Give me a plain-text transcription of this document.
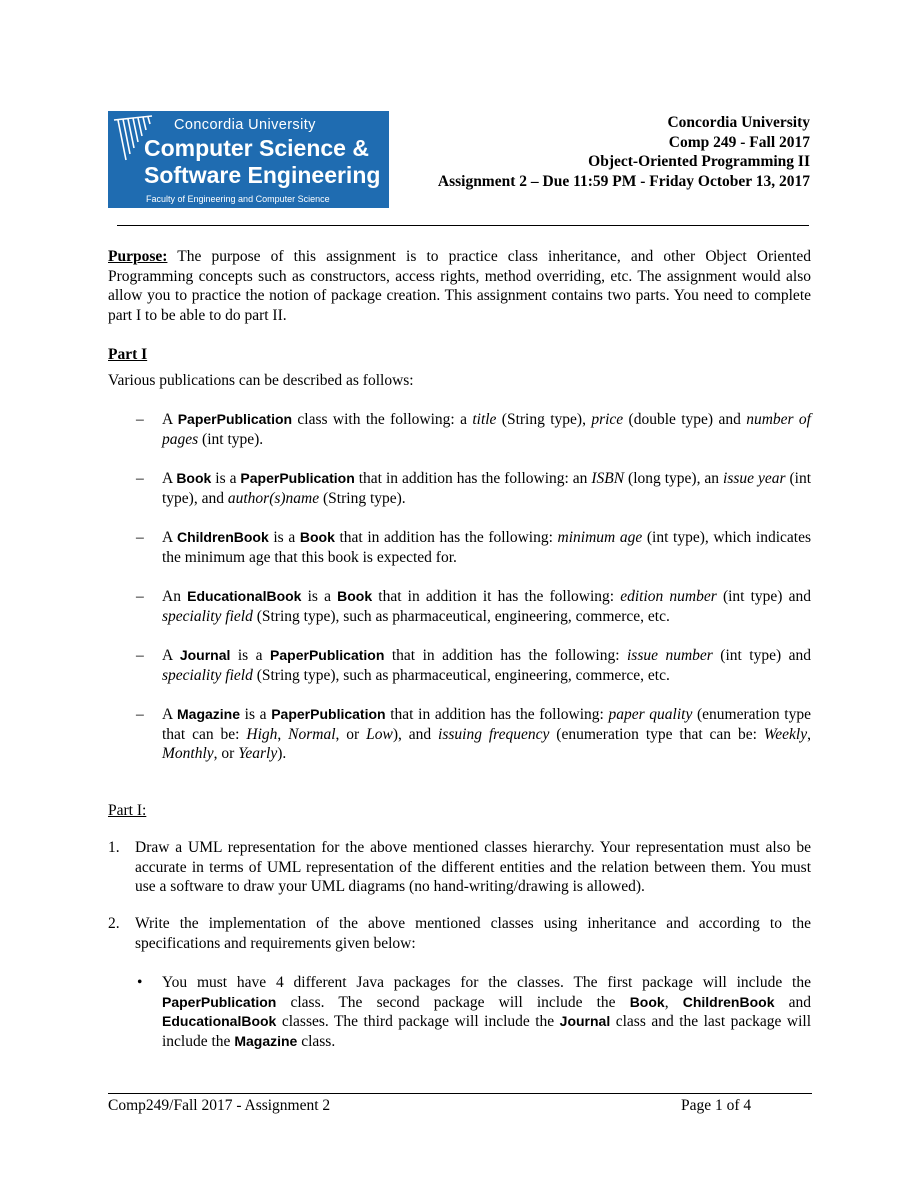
Concordia University
Computer Science &
Software Engineering
Faculty of Engineering and Computer Science
Concordia University
Comp 249 - Fall 2017
Object-Oriented Programming II
Assignment 2 – Due 11:59 PM - Friday October 13, 2017
Purpose: The purpose of this assignment is to practice class inheritance, and other Object Oriented Programming concepts such as constructors, access rights, method overriding, etc. The assignment would also allow you to practice the notion of package creation. This assignment contains two parts. You need to complete part I to be able to do part II.
Part I
Various publications can be described as follows:
– A PaperPublication class with the following: a title (String type), price (double type) and number of pages (int type).
– A Book is a PaperPublication that in addition has the following: an ISBN (long type), an issue year (int type), and author(s)name (String type).
– A ChildrenBook is a Book that in addition has the following: minimum age (int type), which indicates the minimum age that this book is expected for.
– An EducationalBook is a Book that in addition it has the following: edition number (int type) and speciality field (String type), such as pharmaceutical, engineering, commerce, etc.
– A Journal is a PaperPublication that in addition has the following: issue number (int type) and speciality field (String type), such as pharmaceutical, engineering, commerce, etc.
– A Magazine is a PaperPublication that in addition has the following: paper quality (enumeration type that can be: High, Normal, or Low), and issuing frequency (enumeration type that can be: Weekly, Monthly, or Yearly).
Part I:
1. Draw a UML representation for the above mentioned classes hierarchy. Your representation must also be accurate in terms of UML representation of the different entities and the relation between them. You must use a software to draw your UML diagrams (no hand-writing/drawing is allowed).
2. Write the implementation of the above mentioned classes using inheritance and according to the specifications and requirements given below:
• You must have 4 different Java packages for the classes. The first package will include the PaperPublication class. The second package will include the Book, ChildrenBook and EducationalBook classes. The third package will include the Journal class and the last package will include the Magazine class.
Comp249/Fall 2017 - Assignment 2	Page 1 of 4
